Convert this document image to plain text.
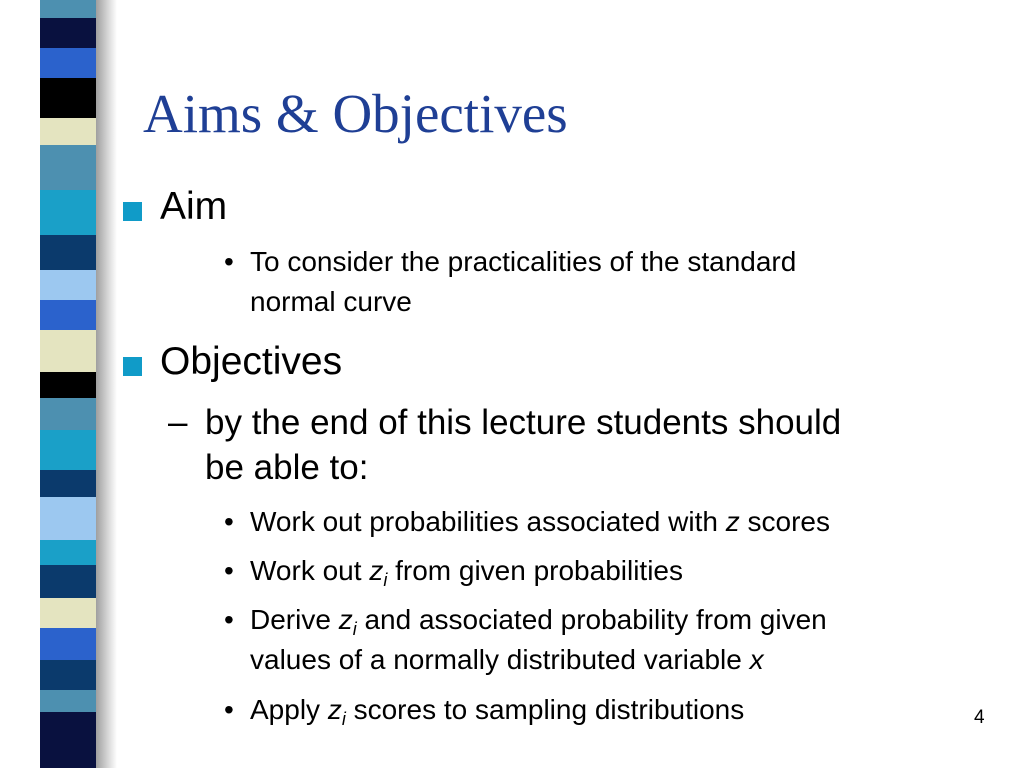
Aims & Objectives
Aim
• To consider the practicalities of the standard
normal curve
Objectives
– by the end of this lecture students should
be able to:
• Work out probabilities associated with z scores
• Work out $z_i$ from given probabilities
• Derive $z_i$ and associated probability from given
values of a normally distributed variable x
• Apply $z_i$ scores to sampling distributions	4
